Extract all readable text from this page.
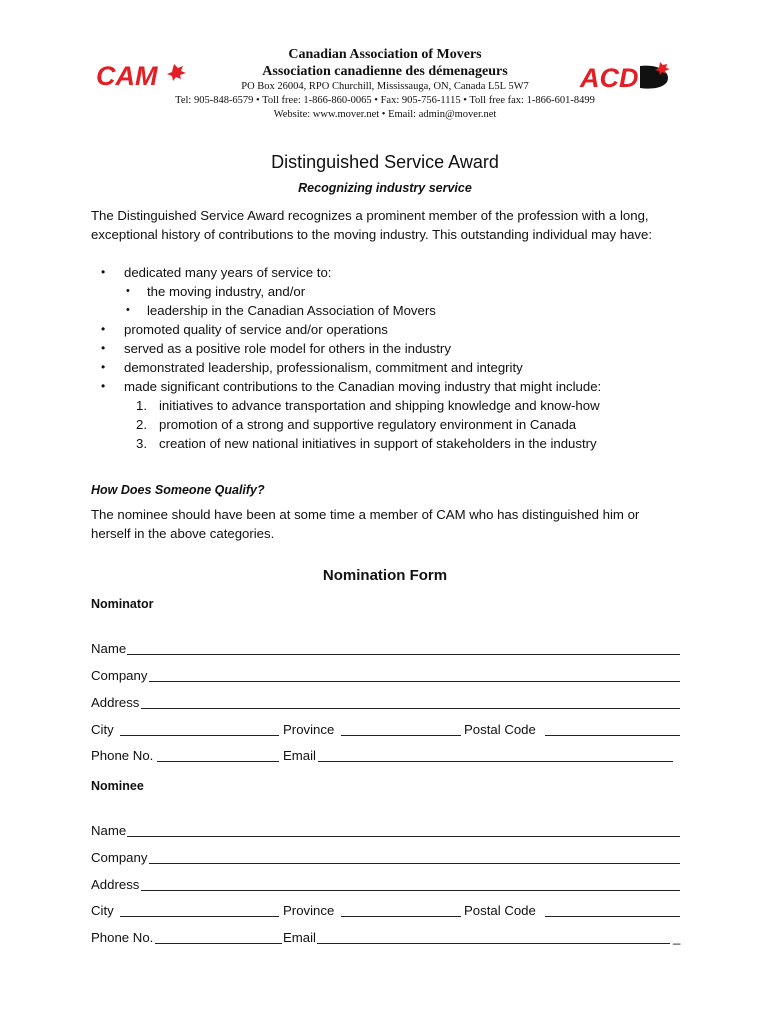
CAM	ACD
Canadian Association of Movers
Association canadienne des démenageurs
PO Box 26004, RPO Churchill, Mississauga, ON, Canada L5L 5W7
Tel: 905-848-6579 • Toll free: 1-866-860-0065 • Fax: 905-756-1115 • Toll free fax: 1-866-601-8499
Website: www.mover.net • Email: admin@mover.net
Distinguished Service Award
Recognizing industry service
The Distinguished Service Award recognizes a prominent member of the profession with a long, exceptional history of contributions to the moving industry. This outstanding individual may have:
• dedicated many years of service to:
• the moving industry, and/or
• leadership in the Canadian Association of Movers
• promoted quality of service and/or operations
• served as a positive role model for others in the industry
• demonstrated leadership, professionalism, commitment and integrity
• made significant contributions to the Canadian moving industry that might include:
1. initiatives to advance transportation and shipping knowledge and know-how
2. promotion of a strong and supportive regulatory environment in Canada
3. creation of new national initiatives in support of stakeholders in the industry
How Does Someone Qualify?
The nominee should have been at some time a member of CAM who has distinguished him or herself in the above categories.
Nomination Form
Nominator
Name
Company
Address
City	Province	Postal Code
Phone No.	Email
Nominee
Name
Company
Address
City	Province	Postal Code
Phone No.	Email	_
